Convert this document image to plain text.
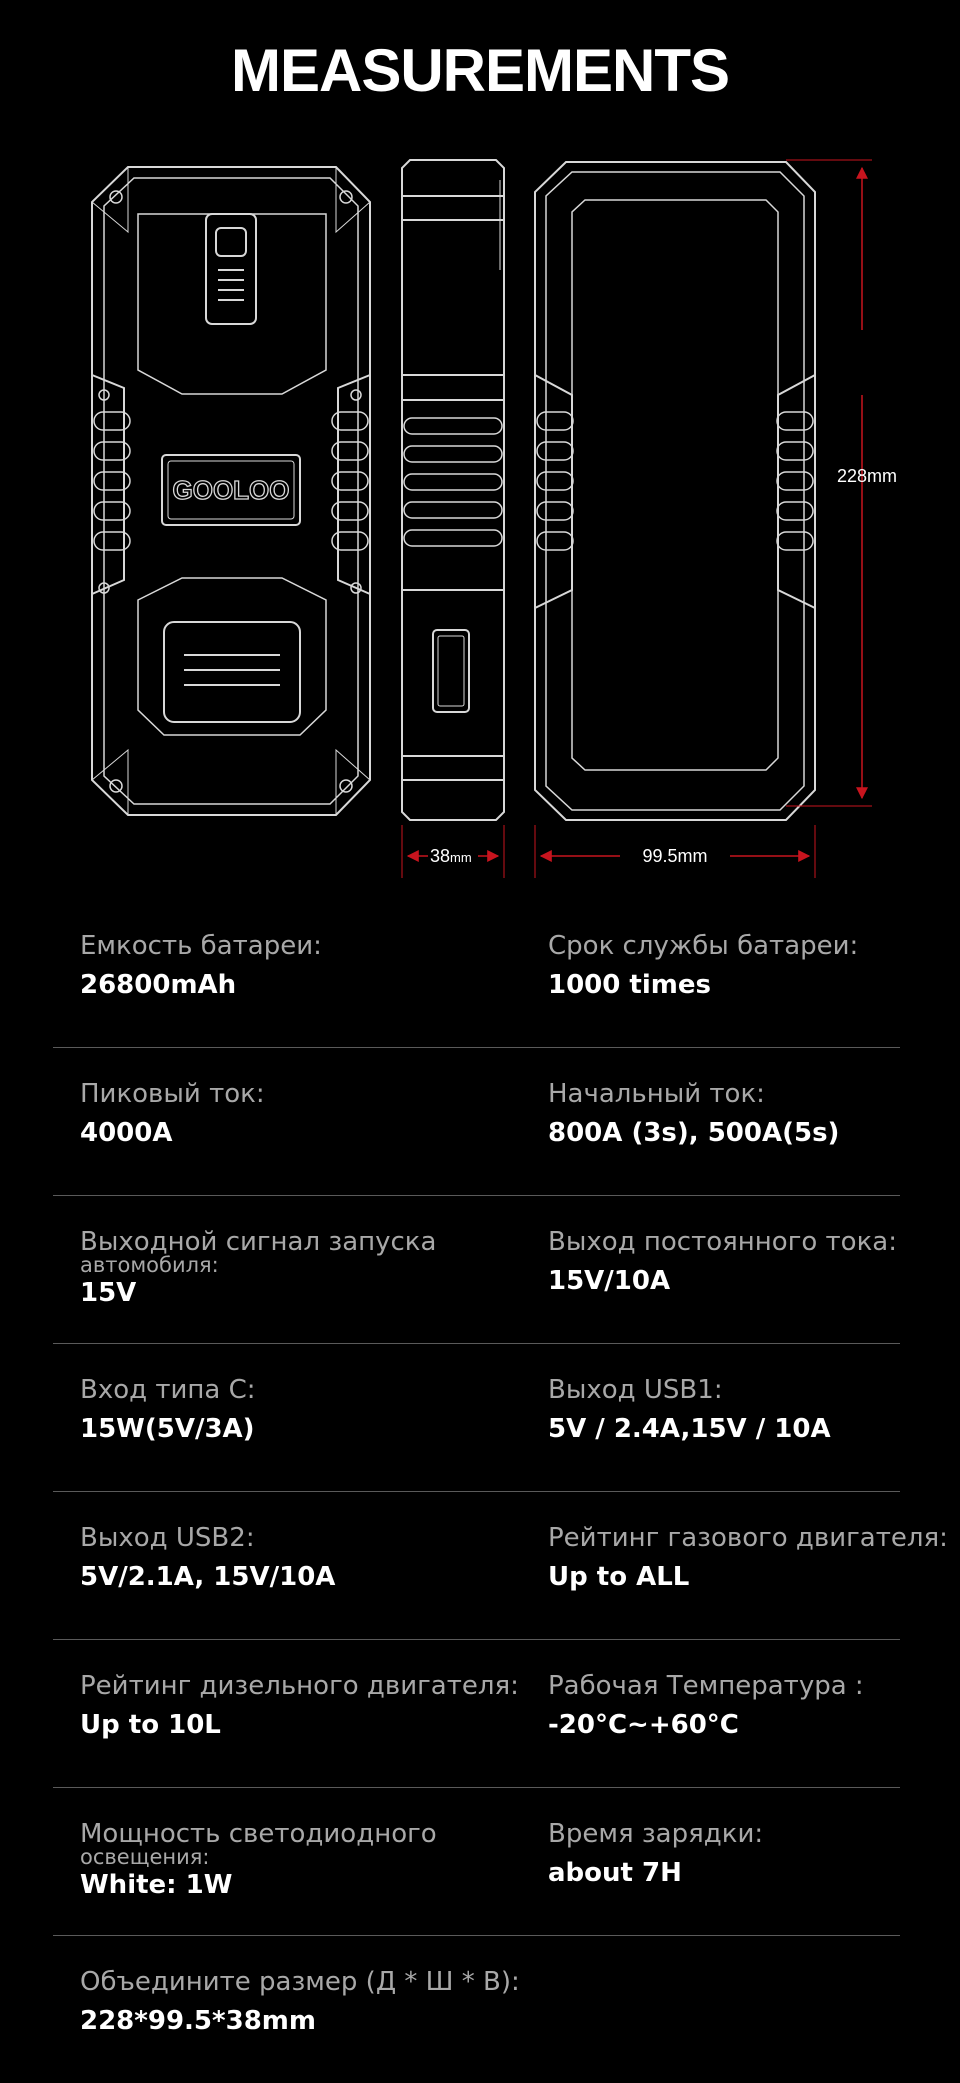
MEASUREMENTS
GOOLOO	228mm
38mm	99.5mm
Емкость батареи:
26800mAh
Срок службы батареи:
1000 times
Пиковый ток:
4000A
Начальный ток:
800A (3s), 500A(5s)
Выходной сигнал запуска
автомобиля:
15V
Выход постоянного тока:
15V/10A
Вход типа С:
15W(5V/3A)
Выход USB1:
5V / 2.4A,15V / 10A
Выход USB2:
5V/2.1A, 15V/10A
Рейтинг газового двигателя:
Up to ALL
Рейтинг дизельного двигателя:
Up to 10L
Рабочая Температура :
-20°C~+60°C
Мощность светодиодного
освещения:
White: 1W
Время зарядки:
about 7H
Объедините размер (Д * Ш * В):
228*99.5*38mm
